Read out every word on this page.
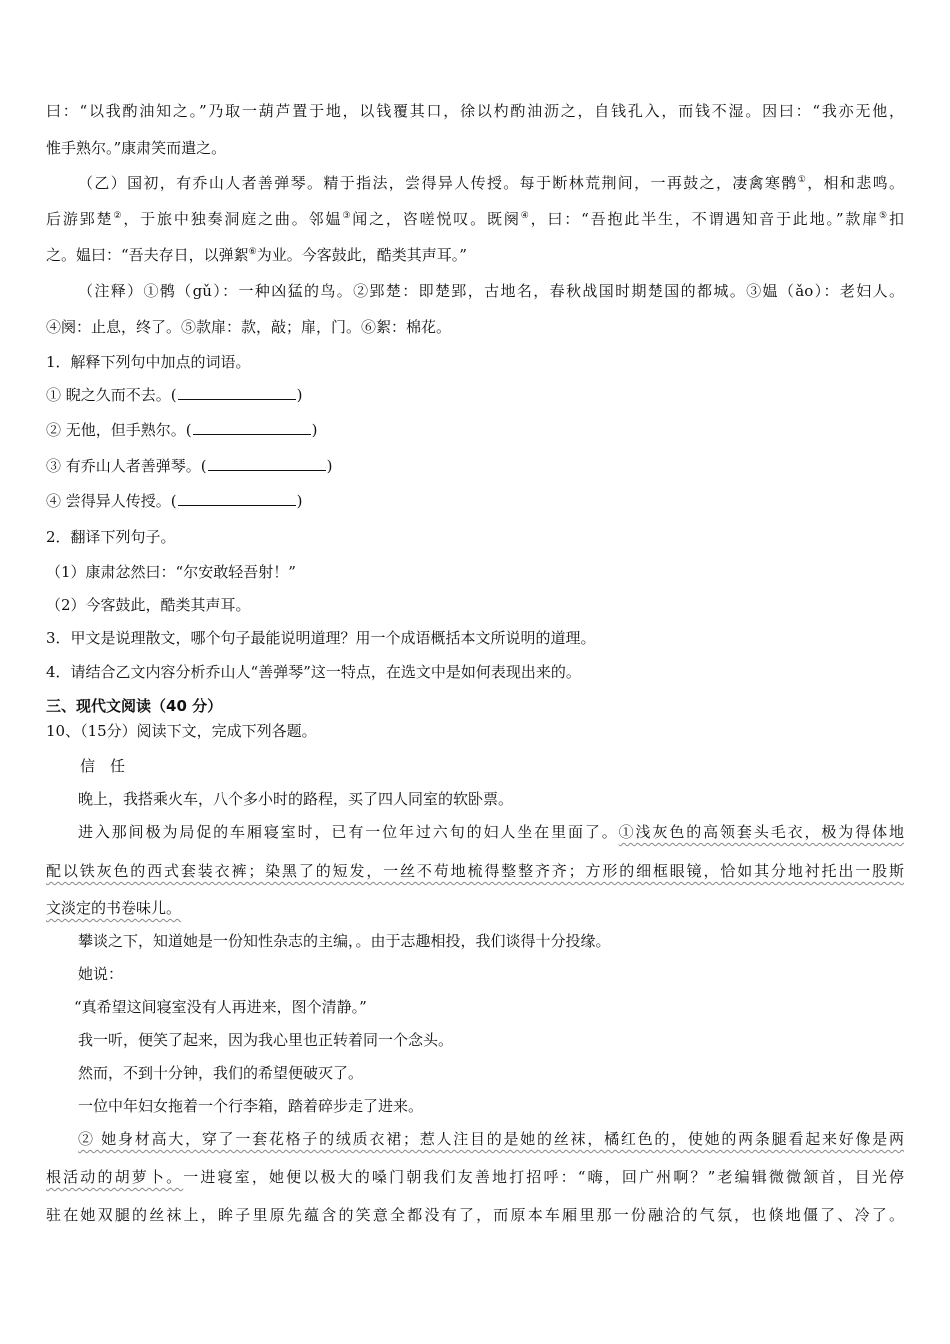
曰：“以我酌油知之。”乃取一葫芦置于地，以钱覆其口，徐以杓酌油沥之，自钱孔入，而钱不湿。因曰：“我亦无他，
惟手熟尔。”康肃笑而遣之。
（乙）国初，有乔山人者善弹琴。精于指法，尝得异人传授。每于断林荒荆间，一再鼓之，凄禽寒鹘①，相和悲鸣。
后游郢楚②，于旅中独奏洞庭之曲。邻媪③闻之，咨嗟悦叹。既阕④，曰：“吾抱此半生，不谓遇知音于此地。”款扉⑤扣
之。媪曰：“吾夫存日，以弹絮⑥为业。今客鼓此，酷类其声耳。”
（注释）①鹘（gǔ）：一种凶猛的鸟。②郢楚：即楚郢，古地名，春秋战国时期楚国的都城。③媪（ǎo）：老妇人。
④阕：止息，终了。⑤款扉：款，敲；扉，门。⑥絮：棉花。
1．解释下列句中加点的词语。
① 睨之久而不去。(	)
② 无他，但手熟尔。(	)
③ 有乔山人者善弹琴。(	)
④ 尝得异人传授。(	)
2．翻译下列句子。
（1）康肃忿然曰：“尔安敢轻吾射！”
（2）今客鼓此，酷类其声耳。
3．甲文是说理散文，哪个句子最能说明道理？用一个成语概括本文所说明的道理。
4．请结合乙文内容分析乔山人“善弹琴”这一特点，在选文中是如何表现出来的。
三、现代文阅读（40 分）
10、（15分）阅读下文，完成下列各题。
信　任
晚上，我搭乘火车，八个多小时的路程，买了四人同室的软卧票。
进入那间极为局促的车厢寝室时，已有一位年过六旬的妇人坐在里面了。①浅灰色的高领套头毛衣，极为得体地
配以铁灰色的西式套装衣裤；染黑了的短发，一丝不苟地梳得整整齐齐；方形的细框眼镜，恰如其分地衬托出一股斯
文淡定的书卷味儿。
攀谈之下，知道她是一份知性杂志的主编，。由于志趣相投，我们谈得十分投缘。
她说：
“真希望这间寝室没有人再进来，图个清静。”
我一听，便笑了起来，因为我心里也正转着同一个念头。
然而，不到十分钟，我们的希望便破灭了。
一位中年妇女拖着一个行李箱，踏着碎步走了进来。
② 她身材高大，穿了一套花格子的绒质衣裙；惹人注目的是她的丝袜，橘红色的，使她的两条腿看起来好像是两
根活动的胡萝卜。一进寝室，她便以极大的嗓门朝我们友善地打招呼：“嗨，回广州啊？”老编辑微微颔首，目光停
驻在她双腿的丝袜上，眸子里原先蕴含的笑意全都没有了，而原本车厢里那一份融洽的气氛，也倏地僵了、冷了。
